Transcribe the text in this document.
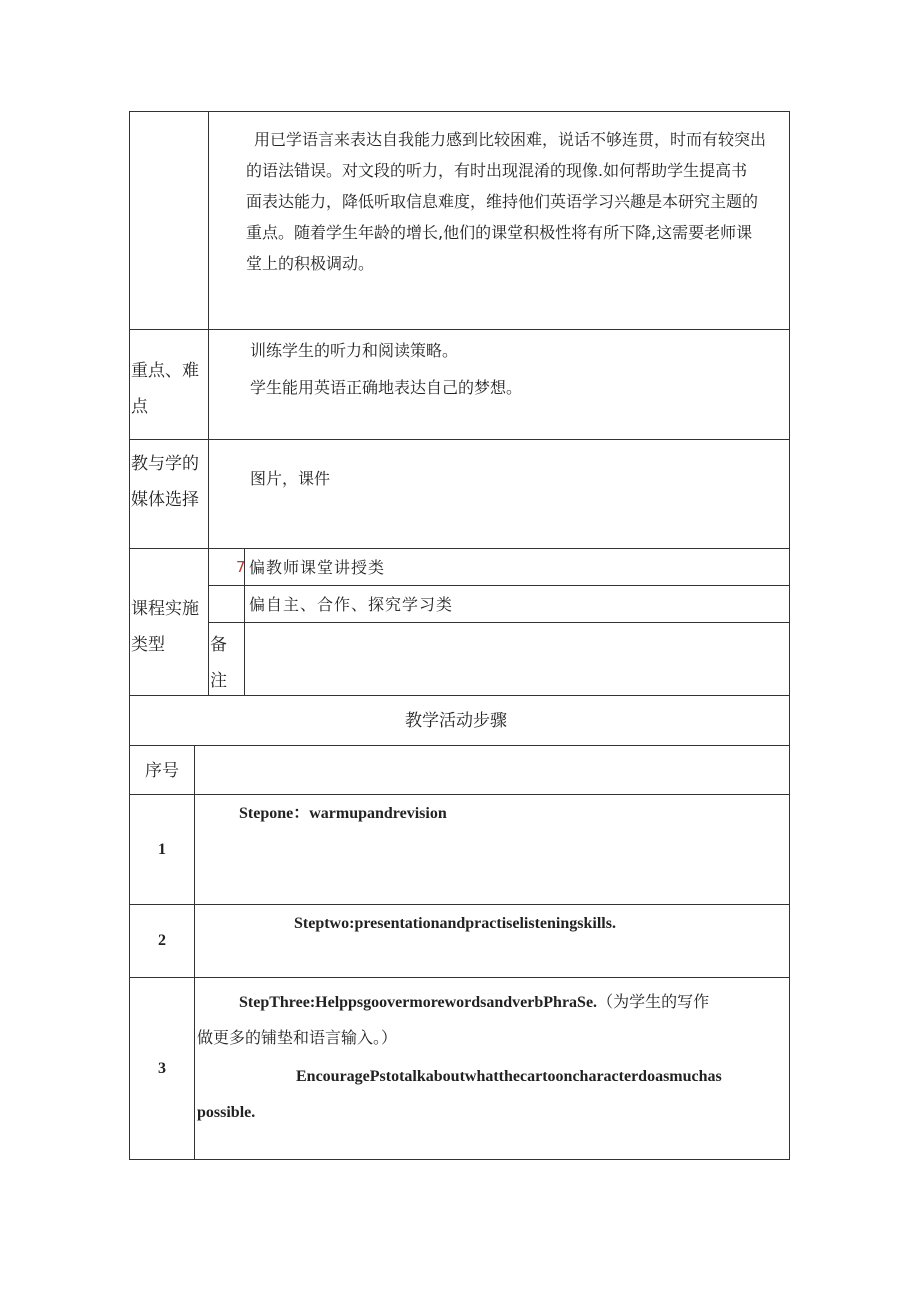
用已学语言来表达自我能力感到比较困难，说话不够连贯，时而有较突出
的语法错误。对文段的听力，有时出现混淆的现像.如何帮助学生提高书
面表达能力，降低听取信息难度，维持他们英语学习兴趣是本研究主题的
重点。随着学生年龄的增长,他们的课堂积极性将有所下降,这需要老师课
堂上的积极调动。
重点、难
点
训练学生的听力和阅读策略。
学生能用英语正确地表达自己的梦想。
教与学的
媒体选择
图片，课件
课程实施
类型
7 偏教师课堂讲授类
偏自主、合作、探究学习类
备
注
教学活动步骤
序号
1
Stepone：warmupandrevision
2
Steptwo:presentationandpractiselisteningskills.
3
StepThree:HelppsgoovermorewordsandverbPhraSe.（为学生的写作
做更多的铺垫和语言输入。）
EncouragePstotalkaboutwhatthecartooncharacterdoasmuchas
possible.
